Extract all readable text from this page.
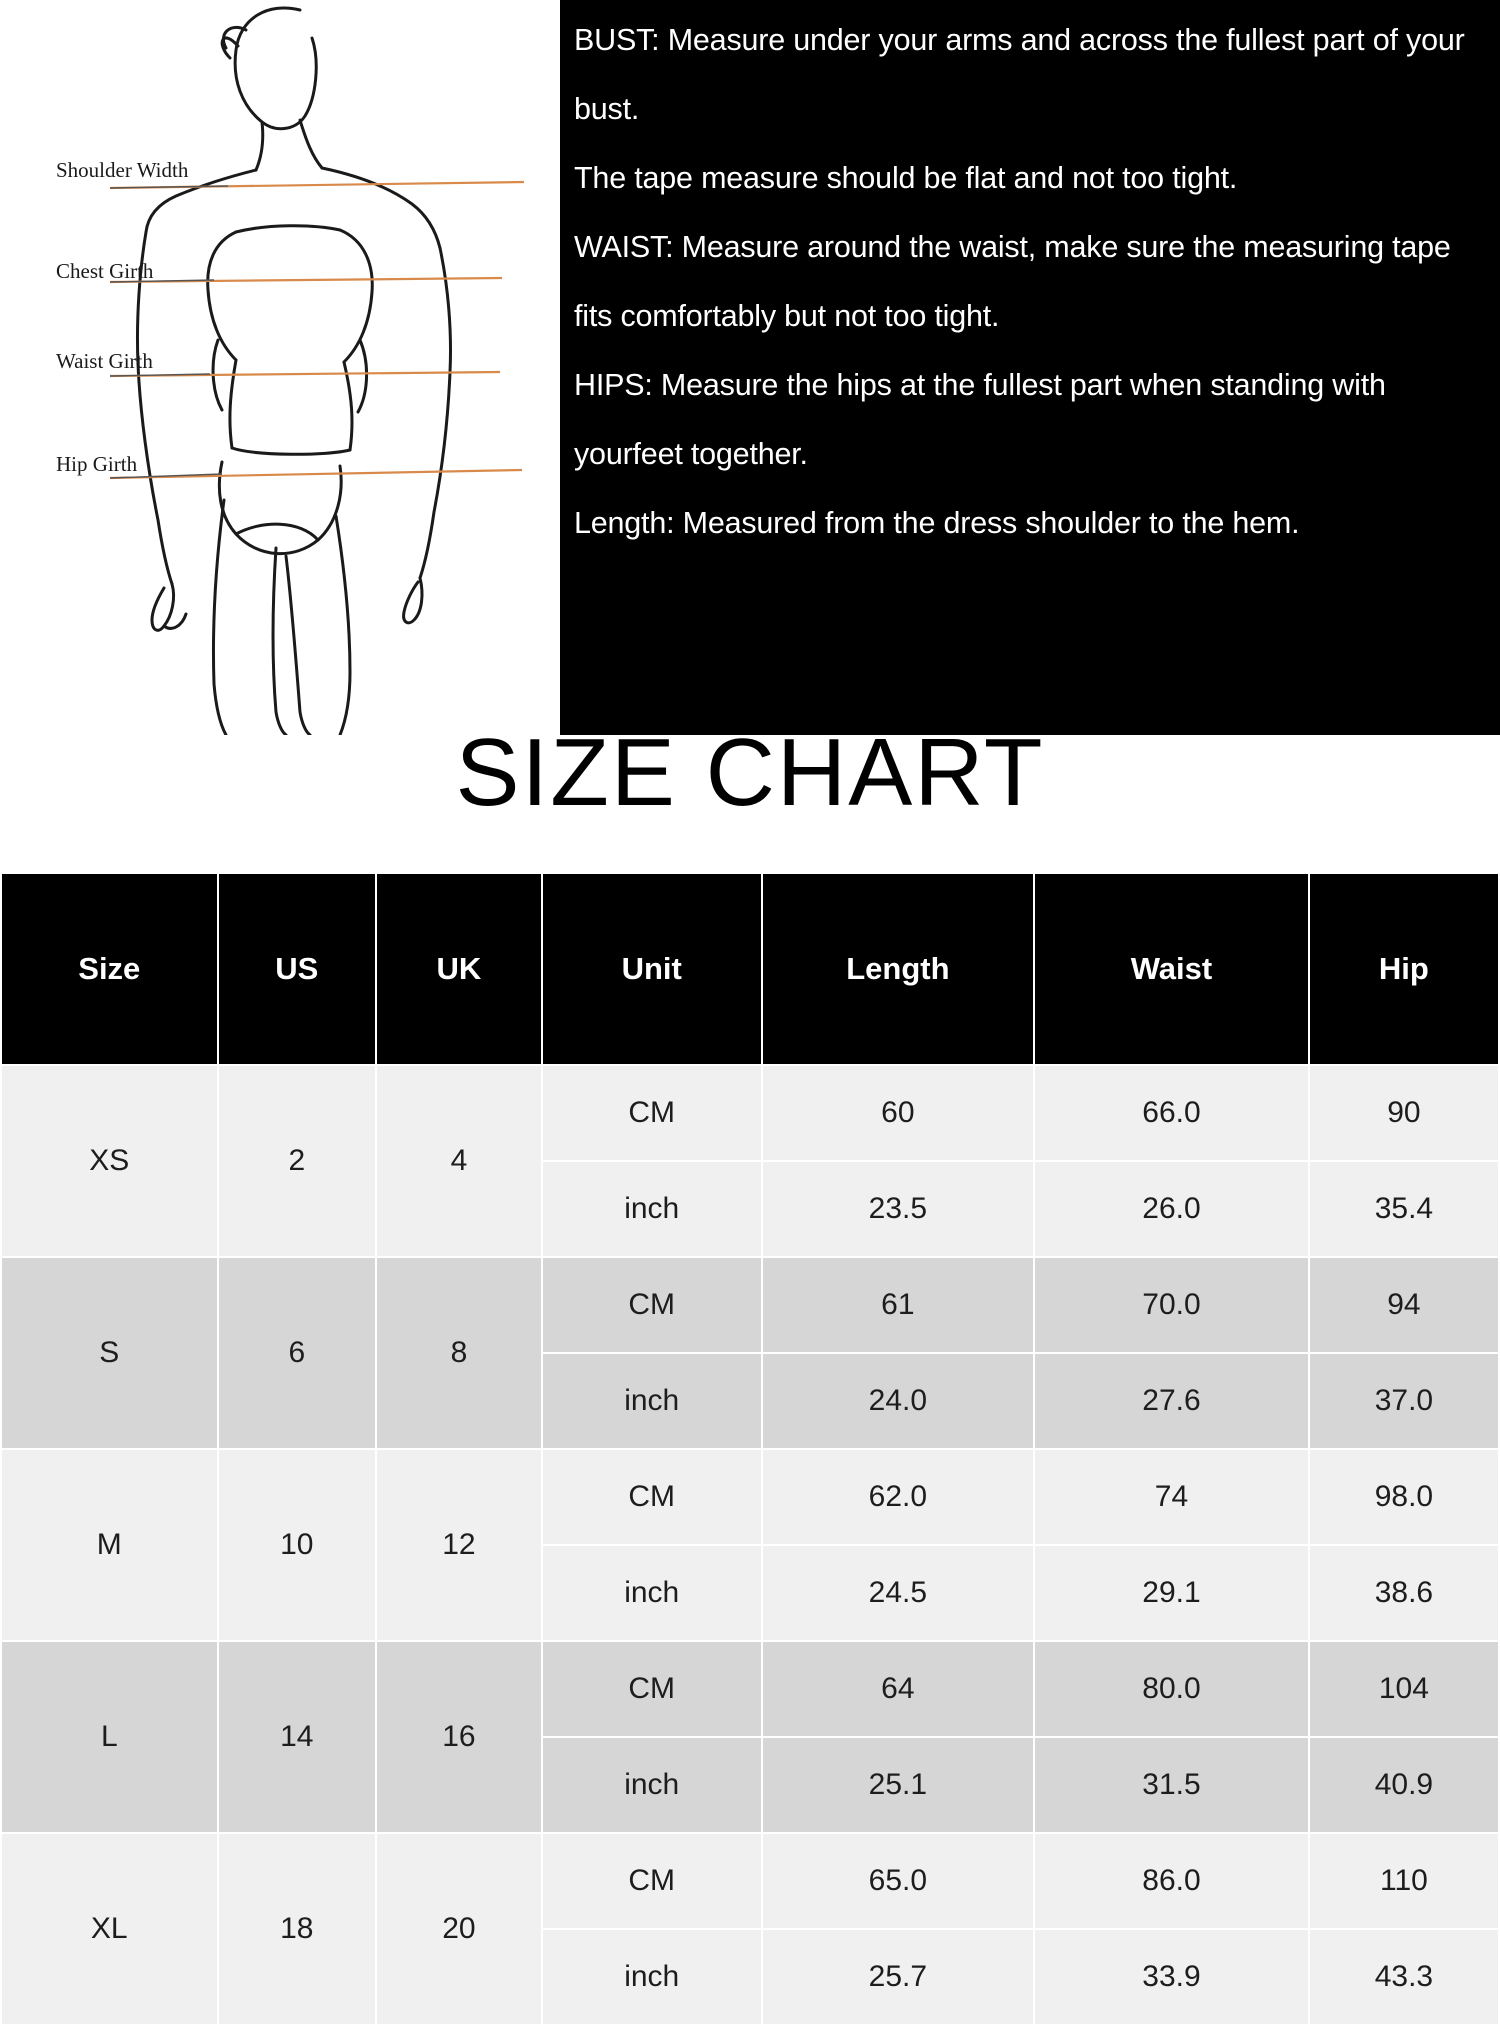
Shoulder Width
Chest Girth
Waist Girth
Hip Girth

BUST: Measure under your arms and across the fullest part of your bust.

The tape measure should be flat and not too tight.

WAIST: Measure around the waist, make sure the measuring tape fits comfortably but not too tight.

HIPS: Measure the hips at the fullest part when standing with yourfeet together.

Length: Measured from the dress shoulder to the hem.

SIZE CHART
Size	US	UK	Unit	Length	Waist	Hip
XS	2	4	CM	60	66.0	90
			inch	23.5	26.0	35.4
S	6	8	CM	61	70.0	94
			inch	24.0	27.6	37.0
M	10	12	CM	62.0	74	98.0
			inch	24.5	29.1	38.6
L	14	16	CM	64	80.0	104
			inch	25.1	31.5	40.9
XL	18	20	CM	65.0	86.0	110
			inch	25.7	33.9	43.3
